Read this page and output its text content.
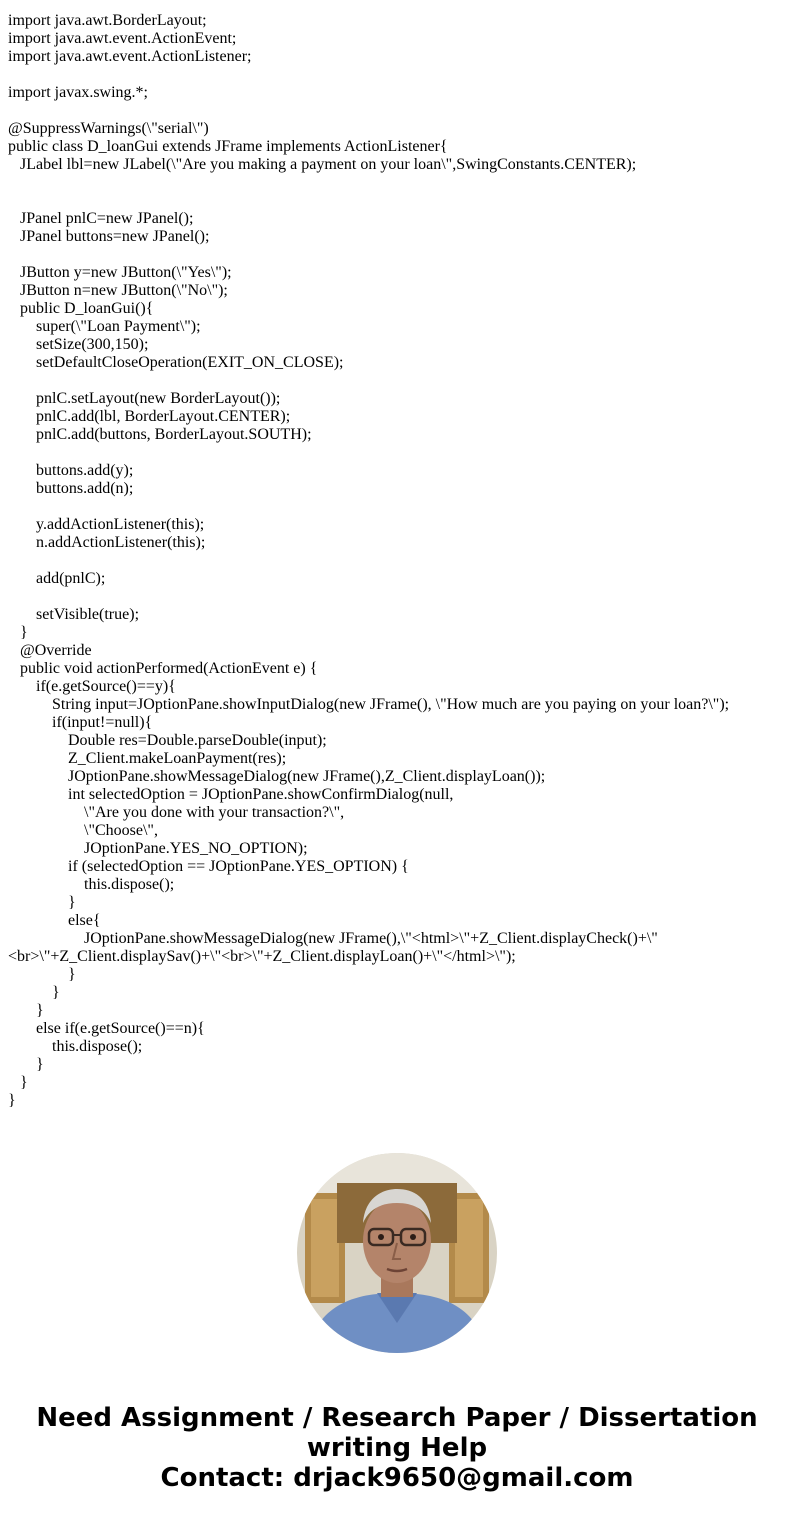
import java.awt.BorderLayout;
import java.awt.event.ActionEvent;
import java.awt.event.ActionListener;
import javax.swing.*;
@SuppressWarnings(\"serial\")
public class D_loanGui extends JFrame implements ActionListener{
JLabel lbl=new JLabel(\"Are you making a payment on your loan\",SwingConstants.CENTER);
JPanel pnlC=new JPanel();
JPanel buttons=new JPanel();
JButton y=new JButton(\"Yes\");
JButton n=new JButton(\"No\");
public D_loanGui(){
super(\"Loan Payment\");
setSize(300,150);
setDefaultCloseOperation(EXIT_ON_CLOSE);
pnlC.setLayout(new BorderLayout());
pnlC.add(lbl, BorderLayout.CENTER);
pnlC.add(buttons, BorderLayout.SOUTH);
buttons.add(y);
buttons.add(n);
y.addActionListener(this);
n.addActionListener(this);
add(pnlC);
setVisible(true);
}
@Override
public void actionPerformed(ActionEvent e) {
if(e.getSource()==y){
String input=JOptionPane.showInputDialog(new JFrame(), \"How much are you paying on your loan?\");
if(input!=null){
Double res=Double.parseDouble(input);
Z_Client.makeLoanPayment(res);
JOptionPane.showMessageDialog(new JFrame(),Z_Client.displayLoan());
int selectedOption = JOptionPane.showConfirmDialog(null,
\"Are you done with your transaction?\",
\"Choose\",
JOptionPane.YES_NO_OPTION);
if (selectedOption == JOptionPane.YES_OPTION) {
this.dispose();
}
else{
JOptionPane.showMessageDialog(new JFrame(),\"<html>\"+Z_Client.displayCheck()+\"
<br>\"+Z_Client.displaySav()+\"<br>\"+Z_Client.displayLoan()+\"</html>\");
}
}
}
else if(e.getSource()==n){
this.dispose();
}
}
}
Need Assignment / Research Paper / Dissertation
writing Help
Contact: drjack9650@gmail.com
